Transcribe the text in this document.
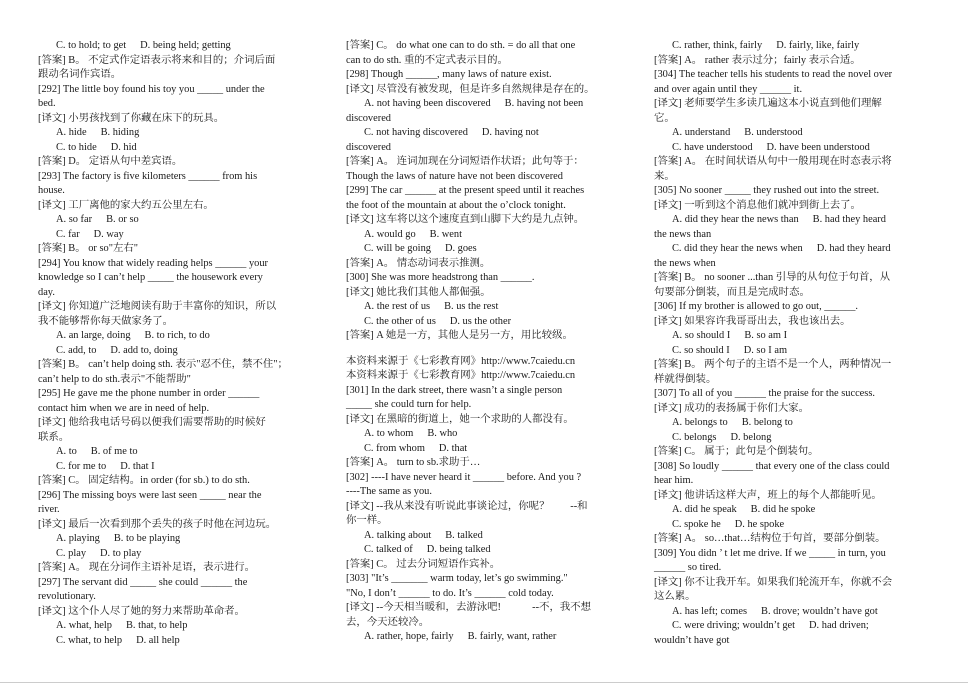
C. to hold; to get D. being held; getting
[答案] B。 不定式作定语表示将来和目的；介词后面
跟动名词作宾语。
[292] The little boy found his toy you _____ under the
bed.
[译文] 小男孩找到了你藏在床下的玩具。
A. hide B. hiding
C. to hide D. hid
[答案] D。 定语从句中差宾语。
[293] The factory is five kilometers ______ from his
house.
[译文] 工厂离他的家大约五公里左右。
A. so far B. or so
C. far D. way
[答案] B。 or so"左右"
[294] You know that widely reading helps ______ your
knowledge so I can’t help _____ the housework every
day.
[译文] 你知道广泛地阅读有助于丰富你的知识，所以
我不能够帮你每天做家务了。
A. an large, doing B. to rich, to do
C. add, to D. add to, doing
[答案] B。 can’t help doing sth. 表示"忍不住，禁不住"；
can’t help to do sth.表示"不能帮助"
[295] He gave me the phone number in order ______
contact him when we are in need of help.
[译文] 他给我电话号码以便我们需要帮助的时候好
联系。
A. to B. of me to
C. for me to D. that I
[答案] C。 固定结构。in order (for sb.) to do sth.
[296] The missing boys were last seen _____ near the
river.
[译文] 最后一次看到那个丢失的孩子时他在河边玩。
A. playing B. to be playing
C. play D. to play
[答案] A。 现在分词作主语补足语，表示进行。
[297] The servant did _____ she could ______ the
revolutionary.
[译文] 这个仆人尽了她的努力来帮助革命者。
A. what, help B. that, to help
C. what, to help D. all help
[答案] C。 do what one can to do sth. = do all that one
can to do sth. 重的不定式表示目的。
[298] Though ______, many laws of nature exist.
[译文] 尽管没有被发现，但是许多自然规律是存在的。
A. not having been discovered B. having not been
discovered
C. not having discovered D. having not
discovered
[答案] A。 连词加现在分词短语作状语；此句等于：
Though the laws of nature have not been discovered
[299] The car ______ at the present speed until it reaches
the foot of the mountain at about the o’clock tonight.
[译文] 这车将以这个速度直到山脚下大约是九点钟。
A. would go B. went
C. will be going D. goes
[答案] A。 情态动词表示推测。
[300] She was more headstrong than ______.
[译文] 她比我们其他人都倔强。
A. the rest of us B. us the rest
C. the other of us D. us the other
[答案] A 她是一方，其他人是另一方，用比较级。
本资料来源于《七彩教育网》http://www.7caiedu.cn
本资料来源于《七彩教育网》http://www.7caiedu.cn
[301] In the dark street, there wasn’t a single person
_____ she could turn for help.
[译文] 在黑暗的街道上，她一个求助的人都没有。
A. to whom B. who
C. from whom D. that
[答案] A。 turn to sb.求助于…
[302] ----I have never heard it ______ before. And you ?
----The same as you.
[译文] --我从来没有听说此事谈论过，你呢？　　--和
你一样。
A. talking about B. talked
C. talked of D. being talked
[答案] C。 过去分词短语作宾补。
[303] "It’s _______ warm today, let’s go swimming."
"No, I don’t ______ to do. It’s ______ cold today.
[译文] --今天相当暖和，去游泳吧!　　　--不，我不想
去，今天还较冷。
A. rather, hope, fairly B. fairly, want, rather
C. rather, think, fairly D. fairly, like, fairly
[答案] A。 rather 表示过分；fairly 表示合适。
[304] The teacher tells his students to read the novel over
and over again until they ______ it.
[译文] 老师要学生多读几遍这本小说直到他们理解
它。
A. understand B. understood
C. have understood D. have been understood
[答案] A。 在时间状语从句中一般用现在时态表示将
来。
[305] No sooner _____ they rushed out into the street.
[译文] 一听到这个消息他们就冲到街上去了。
A. did they hear the news than B. had they heard
the news than
C. did they hear the news when D. had they heard
the news when
[答案] B。 no sooner ...than 引导的从句位于句首，从
句要部分倒装，而且是完成时态。
[306] If my brother is allowed to go out, ______.
[译文] 如果容许我哥哥出去，我也该出去。
A. so should I B. so am I
C. so should I D. so I am
[答案] B。 两个句子的主语不是一个人，两种情况一
样就得倒装。
[307] To all of you ______ the praise for the success.
[译文] 成功的表扬属于你们大家。
A. belongs to B. belong to
C. belongs D. belong
[答案] C。 属于；此句是个倒装句。
[308] So loudly ______ that every one of the class could
hear him.
[译文] 他讲话这样大声，班上的每个人都能听见。
A. did he speak B. did he spoke
C. spoke he D. he spoke
[答案] A。 so…that…结构位于句首，要部分倒装。
[309] You didn ’ t let me drive. If we _____ in turn, you
______ so tired.
[译文] 你不让我开车。如果我们轮流开车，你就不会
这么累。
A. has left; comes B. drove; wouldn’t have got
C. were driving; wouldn’t get D. had driven;
wouldn’t have got
